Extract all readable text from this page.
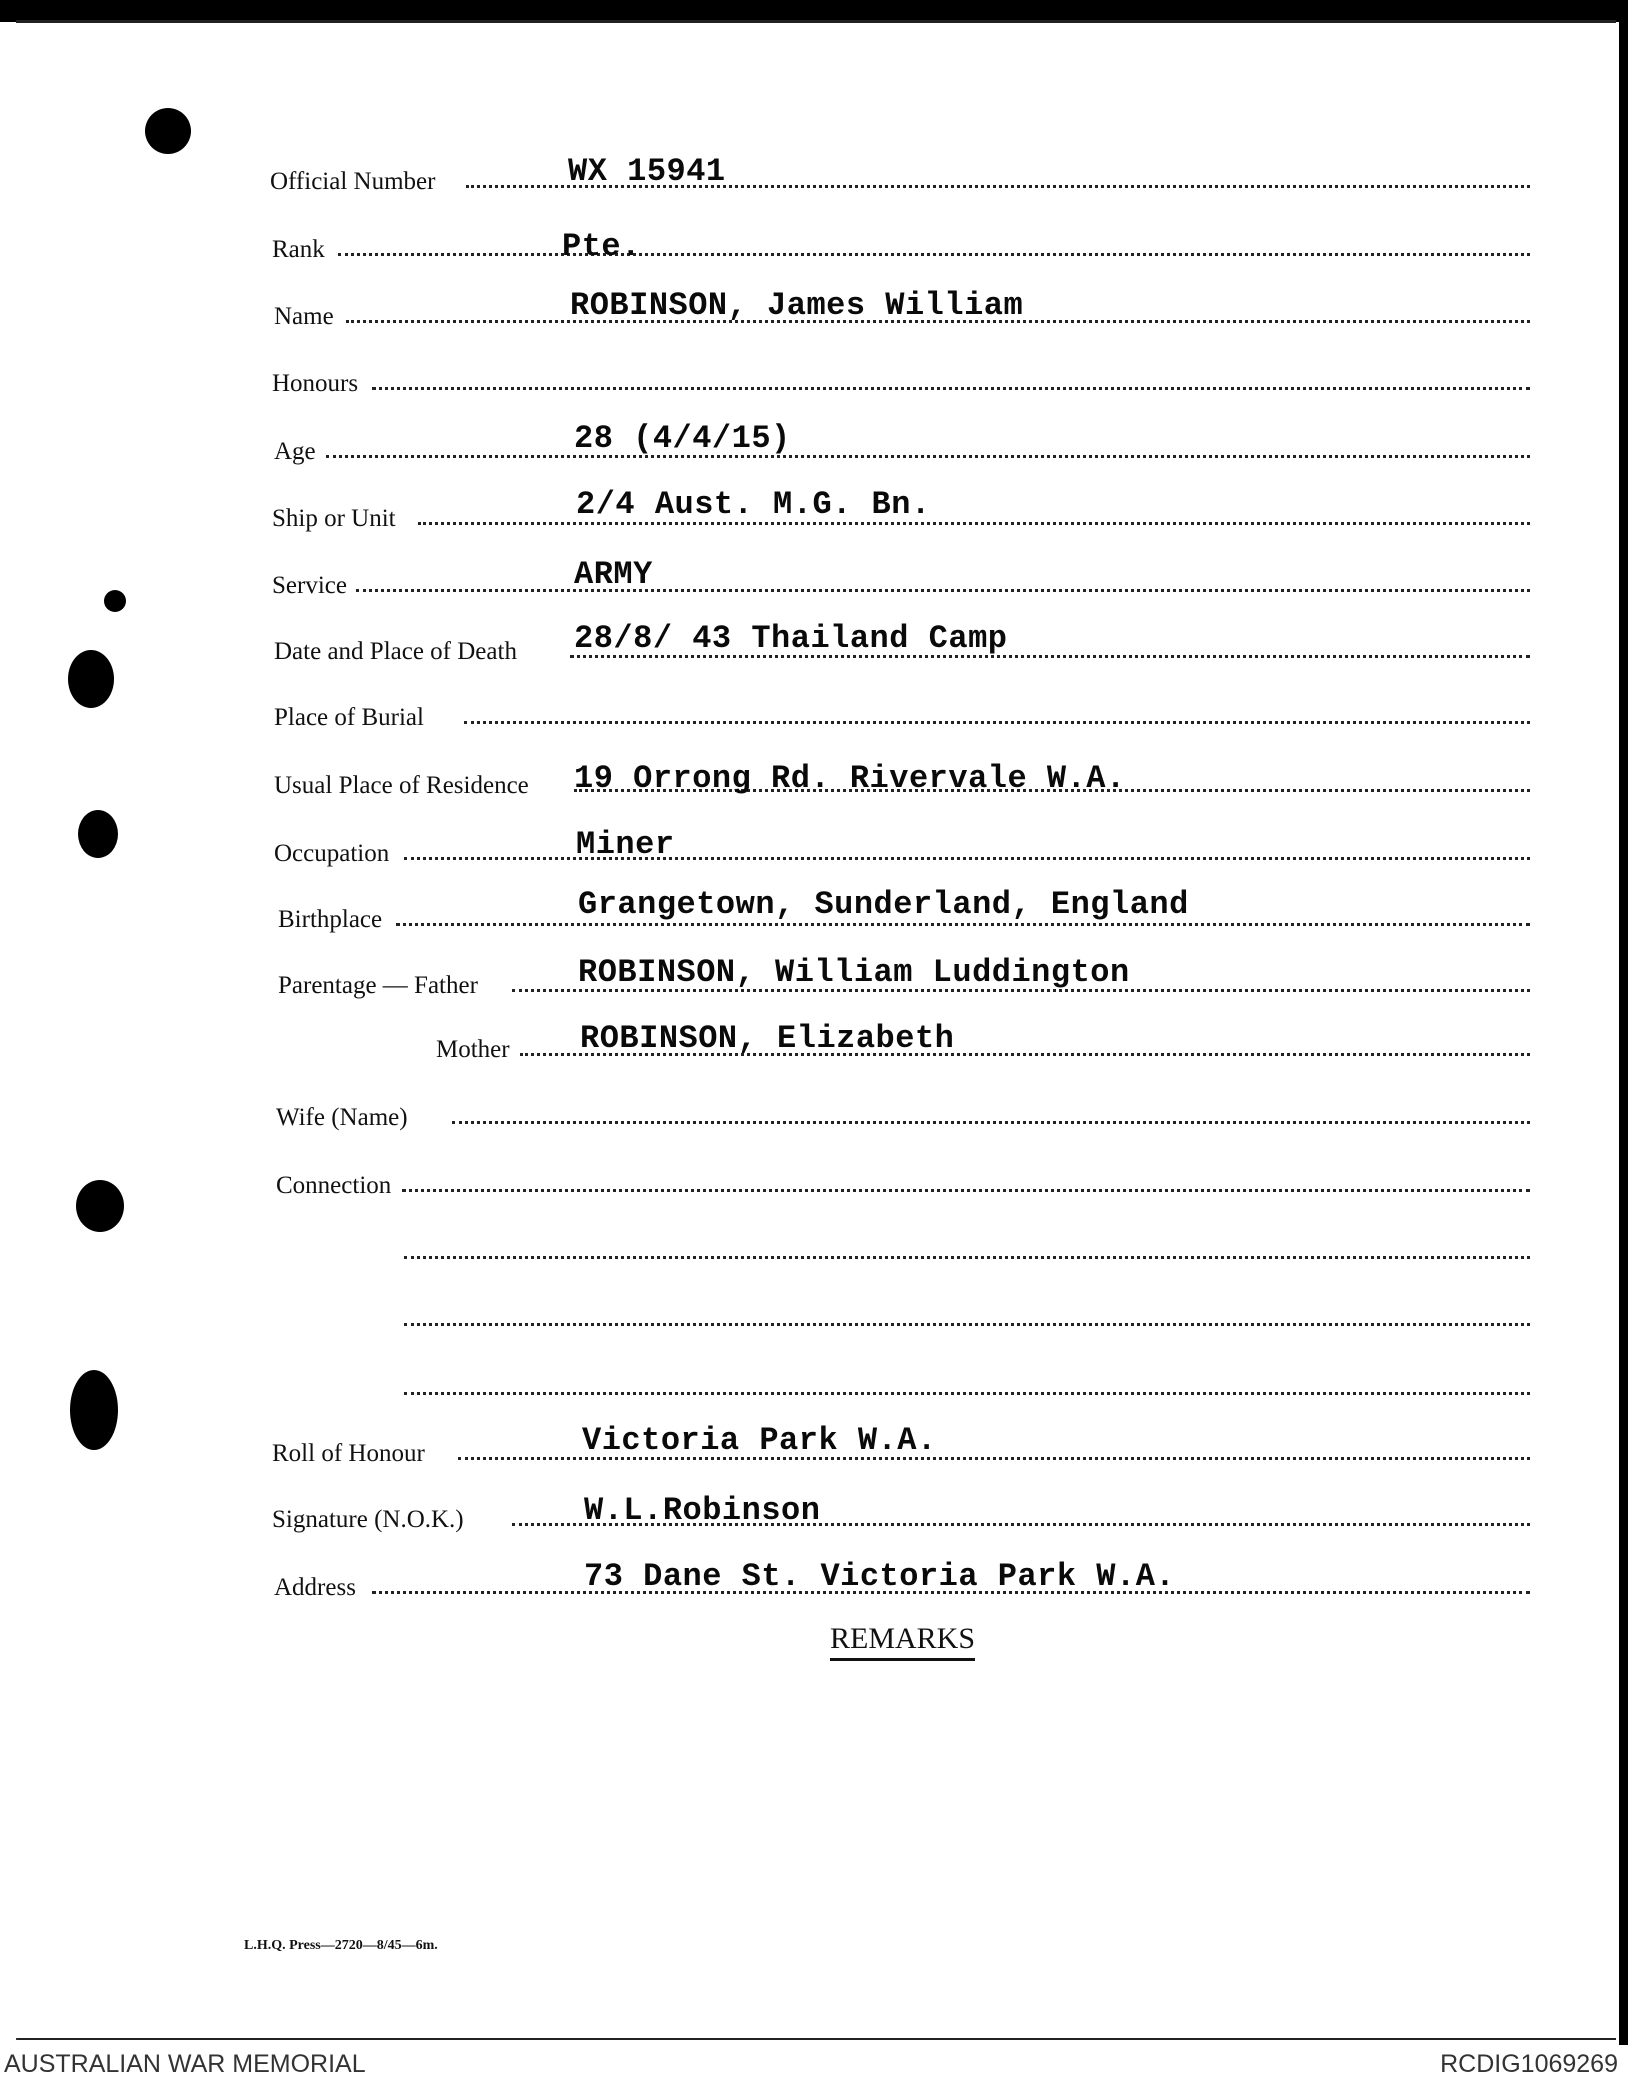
Official Number	WX 15941
Rank	Pte.
Name	ROBINSON, James William
Honours
Age	28 (4/4/15)
Ship or Unit	2/4 Aust. M.G. Bn.
Service	ARMY
Date and Place of Death 28/8/ 43 Thailand Camp
Place of Burial
Usual Place of Residence 19 Orrong Rd. Rivervale W.A.
Occupation	Miner
Birthplace	Grangetown, Sunderland, England
Parentage — Father	ROBINSON, William Luddington
Mother ROBINSON, Elizabeth
Wife (Name)
Connection
Roll of Honour	Victoria Park W.A.
Signature (N.O.K.)	W.L.Robinson
Address	73 Dane St. Victoria Park W.A.
REMARKS
L.H.Q. Press—2720—8/45—6m.
AUSTRALIAN WAR MEMORIAL	RCDIG1069269
